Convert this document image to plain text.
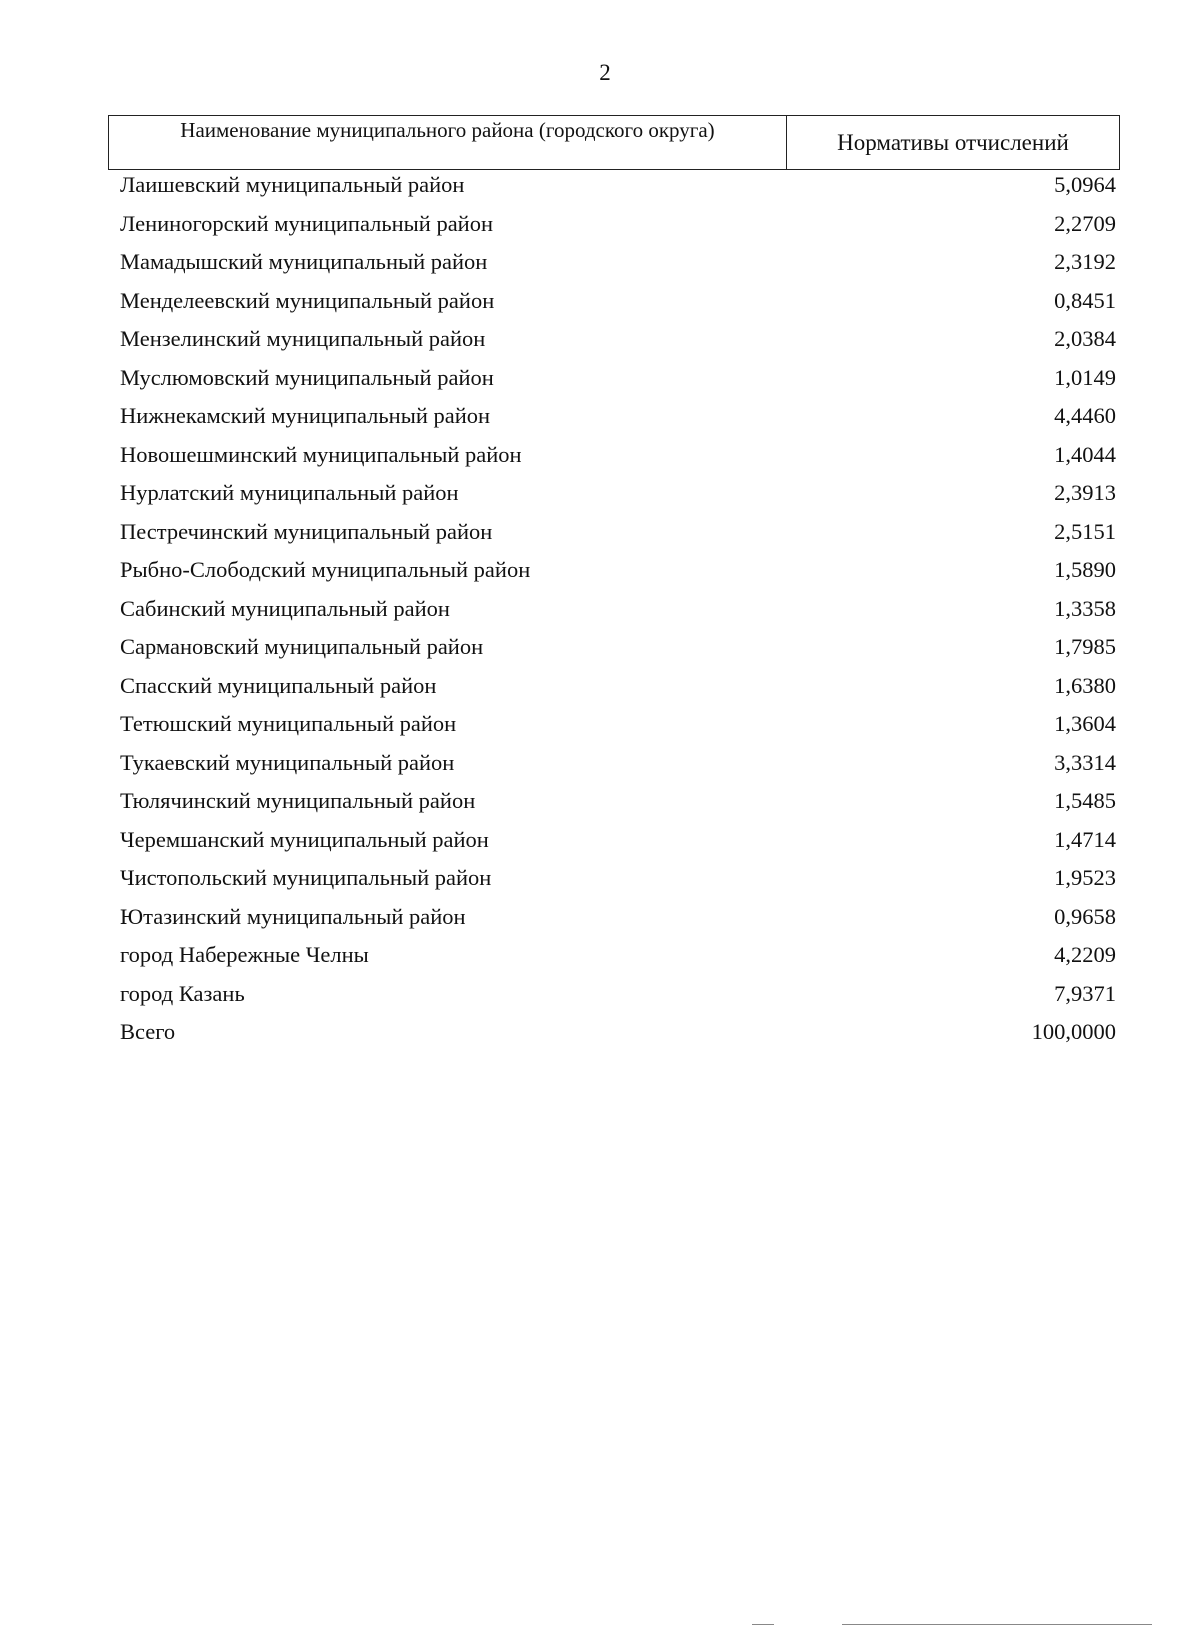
2
Наименование муниципального района (городского округа)	Нормативы отчислений
Лаишевский муниципальный район	5,0964
Лениногорский муниципальный район	2,2709
Мамадышский муниципальный район	2,3192
Менделеевский муниципальный район	0,8451
Мензелинский муниципальный район	2,0384
Муслюмовский муниципальный район	1,0149
Нижнекамский муниципальный район	4,4460
Новошешминский муниципальный район	1,4044
Нурлатский муниципальный район	2,3913
Пестречинский муниципальный район	2,5151
Рыбно-Слободский муниципальный район	1,5890
Сабинский муниципальный район	1,3358
Сармановский муниципальный район	1,7985
Спасский муниципальный район	1,6380
Тетюшский муниципальный район	1,3604
Тукаевский муниципальный район	3,3314
Тюлячинский муниципальный район	1,5485
Черемшанский муниципальный район	1,4714
Чистопольский муниципальный район	1,9523
Ютазинский муниципальный район	0,9658
город Набережные Челны	4,2209
город Казань	7,9371
Всего	100,0000
